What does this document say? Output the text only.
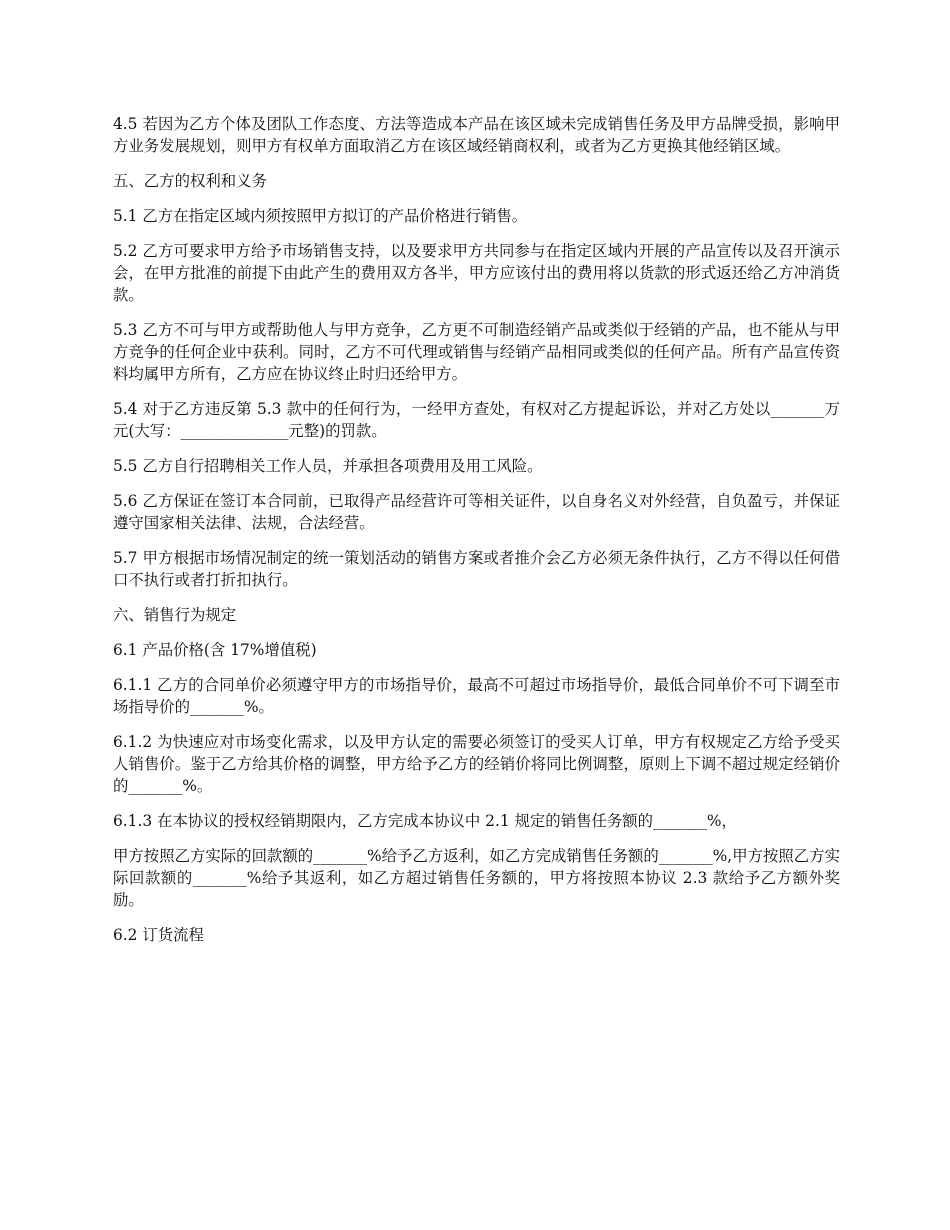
4.5 若因为乙方个体及团队工作态度、方法等造成本产品在该区域未完成销售任务及甲方品牌受损，影响甲方业务发展规划，则甲方有权单方面取消乙方在该区域经销商权利，或者为乙方更换其他经销区域。

五、乙方的权利和义务

5.1 乙方在指定区域内须按照甲方拟订的产品价格进行销售。

5.2 乙方可要求甲方给予市场销售支持，以及要求甲方共同参与在指定区域内开展的产品宣传以及召开演示会，在甲方批准的前提下由此产生的费用双方各半，甲方应该付出的费用将以货款的形式返还给乙方冲消货款。

5.3 乙方不可与甲方或帮助他人与甲方竞争，乙方更不可制造经销产品或类似于经销的产品，也不能从与甲方竞争的任何企业中获利。同时，乙方不可代理或销售与经销产品相同或类似的任何产品。所有产品宣传资料均属甲方所有，乙方应在协议终止时归还给甲方。

5.4 对于乙方违反第 5.3 款中的任何行为，一经甲方查处，有权对乙方提起诉讼，并对乙方处以_______万元(大写：______________元整)的罚款。

5.5 乙方自行招聘相关工作人员，并承担各项费用及用工风险。

5.6 乙方保证在签订本合同前，已取得产品经营许可等相关证件，以自身名义对外经营，自负盈亏，并保证遵守国家相关法律、法规，合法经营。

5.7 甲方根据市场情况制定的统一策划活动的销售方案或者推介会乙方必须无条件执行，乙方不得以任何借口不执行或者打折扣执行。

六、销售行为规定

6.1 产品价格(含 17%增值税)

6.1.1 乙方的合同单价必须遵守甲方的市场指导价，最高不可超过市场指导价，最低合同单价不可下调至市场指导价的_______%。

6.1.2 为快速应对市场变化需求，以及甲方认定的需要必须签订的受买人订单，甲方有权规定乙方给予受买人销售价。鉴于乙方给其价格的调整，甲方给予乙方的经销价将同比例调整，原则上下调不超过规定经销价的_______%。

6.1.3 在本协议的授权经销期限内，乙方完成本协议中 2.1 规定的销售任务额的_______%，

甲方按照乙方实际的回款额的_______%给予乙方返利，如乙方完成销售任务额的_______%,甲方按照乙方实际回款额的_______%给予其返利，如乙方超过销售任务额的，甲方将按照本协议 2.3 款给予乙方额外奖励。

6.2 订货流程
